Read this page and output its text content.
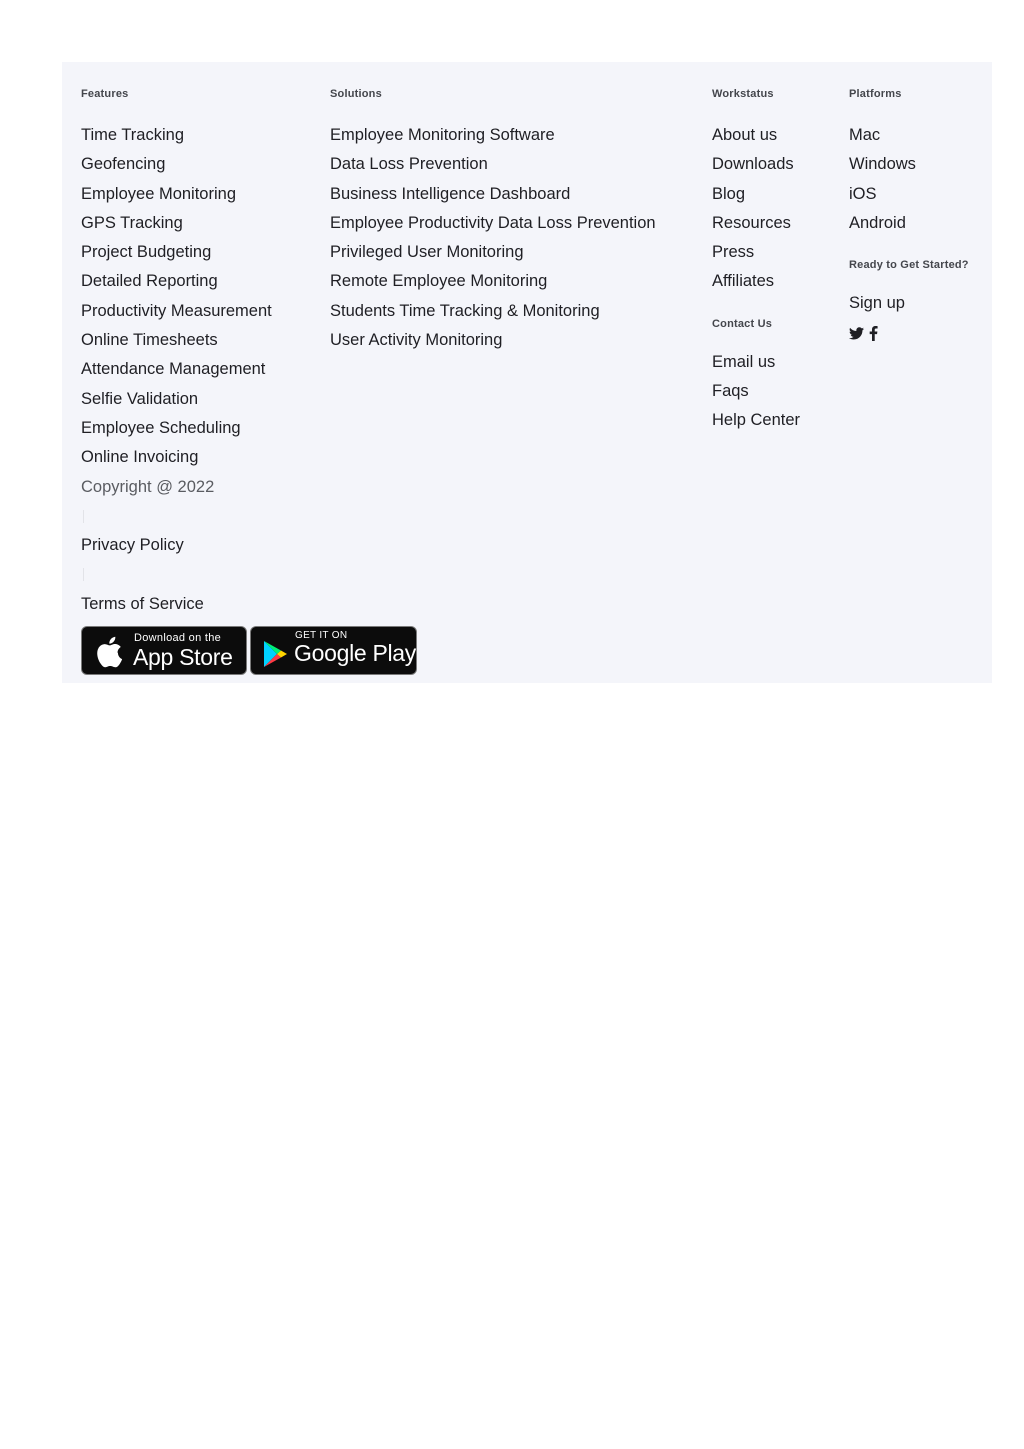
Features
Time Tracking
Geofencing
Employee Monitoring
GPS Tracking
Project Budgeting
Detailed Reporting
Productivity Measurement
Online Timesheets
Attendance Management
Selfie Validation
Employee Scheduling
Online Invoicing
Copyright @ 2022
Privacy Policy
Terms of Service
Solutions
Employee Monitoring Software
Data Loss Prevention
Business Intelligence Dashboard
Employee Productivity Data Loss Prevention
Privileged User Monitoring
Remote Employee Monitoring
Students Time Tracking & Monitoring
User Activity Monitoring
Workstatus
About us
Downloads
Blog
Resources
Press
Affiliates
Contact Us
Email us
Faqs
Help Center
Platforms
Mac
Windows
iOS
Android
Ready to Get Started?
Sign up
Download on the
App Store
GET IT ON
Google Play
